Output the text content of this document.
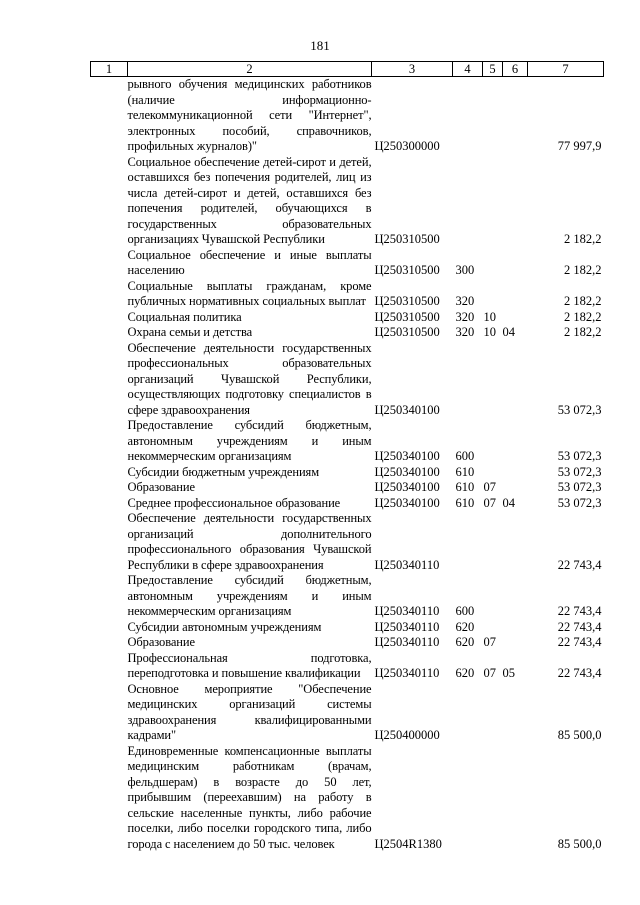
181
1	2	3	4	5	6	7
	рывного обучения медицинских работников (наличие информационно-телекоммуникационной сети "Интернет", электронных пособий, справочников, профильных журналов)"	Ц250300000				77 997,9
	Социальное обеспечение детей-сирот и детей, оставшихся без попечения родителей, лиц из числа детей-сирот и детей, оставшихся без попечения родителей, обучающихся в государственных образовательных организациях Чувашской Республики	Ц250310500				2 182,2
	Социальное обеспечение и иные выплаты населению	Ц250310500	300			2 182,2
	Социальные выплаты гражданам, кроме публичных нормативных социальных выплат	Ц250310500	320			2 182,2
	Социальная политика	Ц250310500	320	10		2 182,2
	Охрана семьи и детства	Ц250310500	320	10	04	2 182,2
	Обеспечение деятельности государственных профессиональных образовательных организаций Чувашской Республики, осуществляющих подготовку специалистов в сфере здравоохранения	Ц250340100				53 072,3
	Предоставление субсидий бюджетным, автономным учреждениям и иным некоммерческим организациям	Ц250340100	600			53 072,3
	Субсидии бюджетным учреждениям	Ц250340100	610			53 072,3
	Образование	Ц250340100	610	07		53 072,3
	Среднее профессиональное образование	Ц250340100	610	07	04	53 072,3
	Обеспечение деятельности государственных организаций дополнительного профессионального образования Чувашской Республики в сфере здравоохранения	Ц250340110				22 743,4
	Предоставление субсидий бюджетным, автономным учреждениям и иным некоммерческим организациям	Ц250340110	600			22 743,4
	Субсидии автономным учреждениям	Ц250340110	620			22 743,4
	Образование	Ц250340110	620	07		22 743,4
	Профессиональная подготовка, переподготовка и повышение квалификации	Ц250340110	620	07	05	22 743,4
	Основное мероприятие "Обеспечение медицинских организаций системы здравоохранения квалифицированными кадрами"	Ц250400000				85 500,0
	Единовременные компенсационные выплаты медицинским работникам (врачам, фельдшерам) в возрасте до 50 лет, прибывшим (переехавшим) на работу в сельские населенные пункты, либо рабочие поселки, либо поселки городского типа, либо города с населением до 50 тыс. человек	Ц2504R1380				85 500,0
